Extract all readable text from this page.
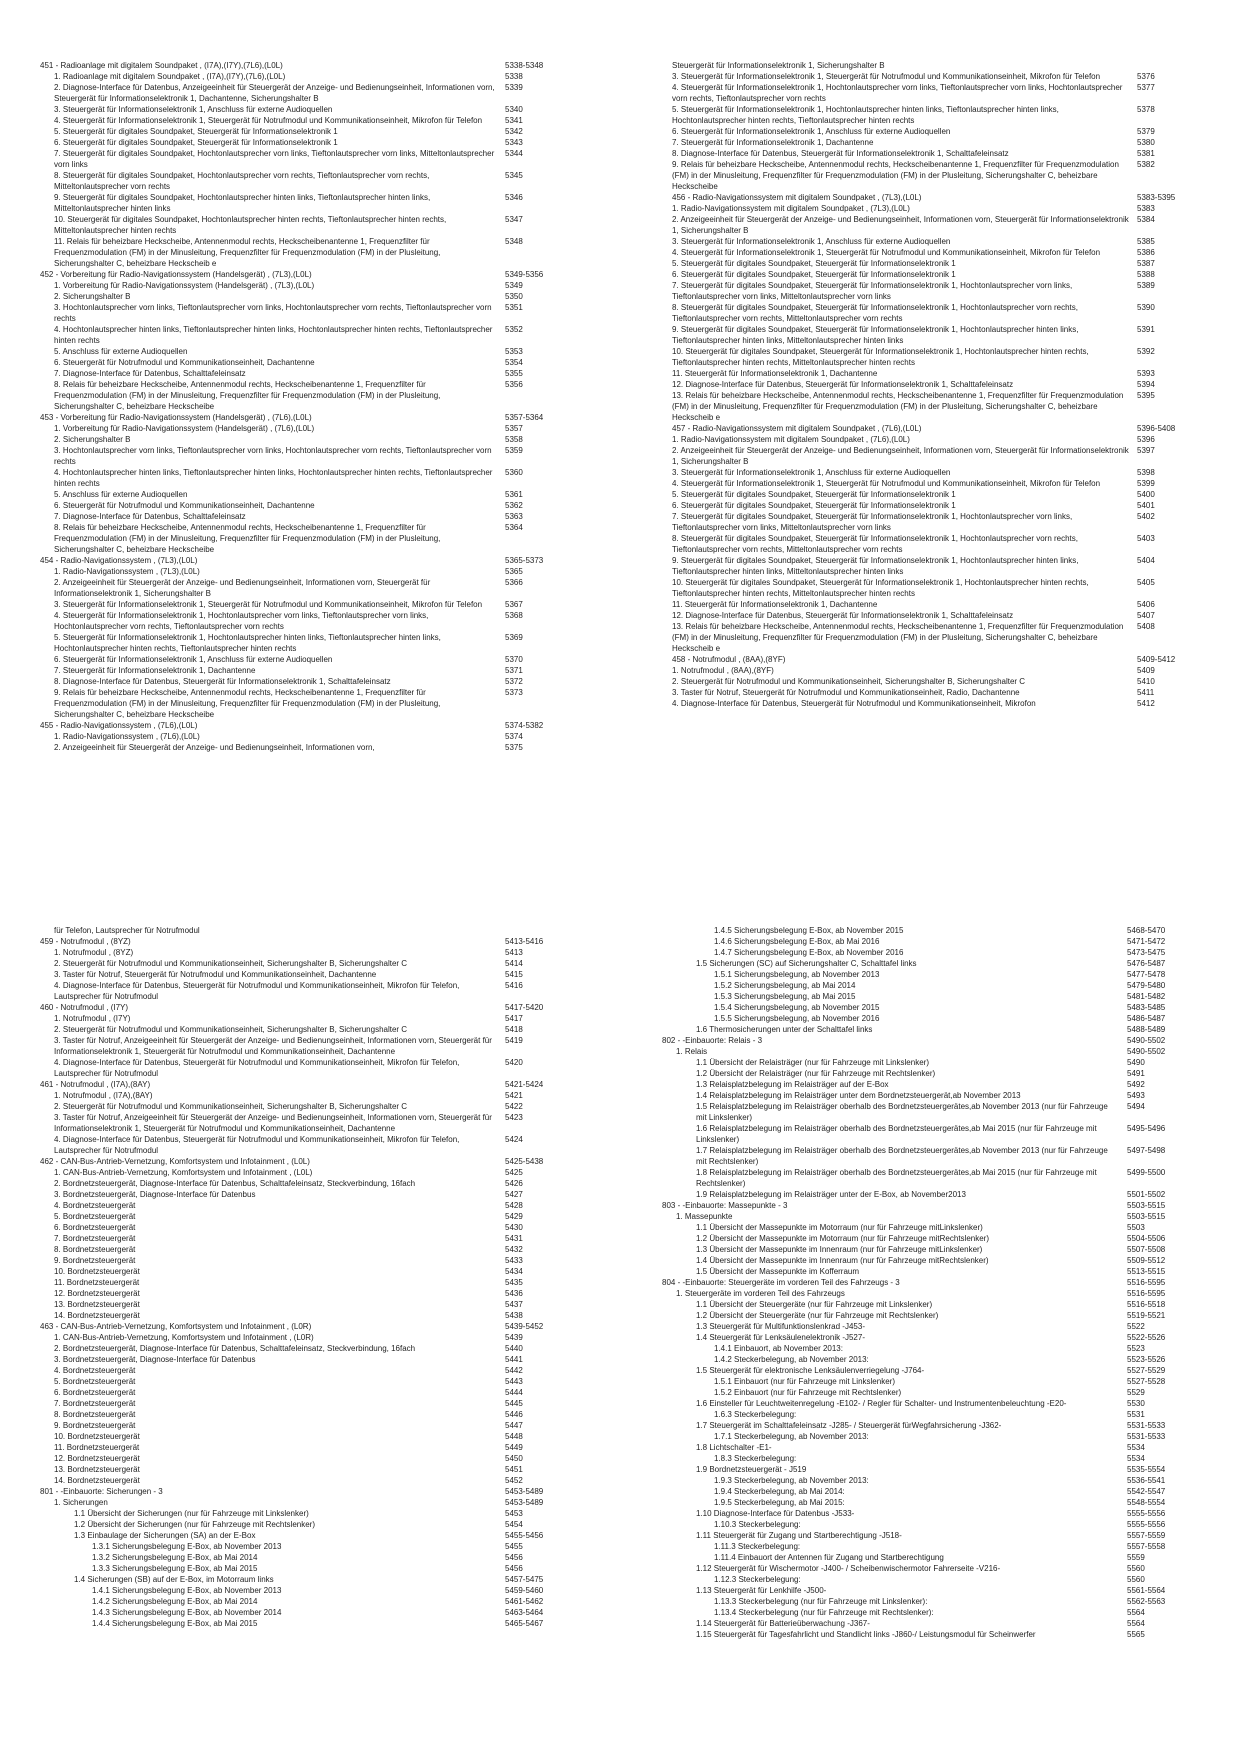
451 - Radioanlage mit digitalem Soundpaket , (I7A),(I7Y),(7L6),(L0L)	5338-5348
1. Radioanlage mit digitalem Soundpaket , (I7A),(I7Y),(7L6),(L0L)	5338
2. Diagnose-Interface für Datenbus, Anzeigeeinheit für Steuergerät der Anzeige- und Bedienungseinheit, Informationen vorn, Steuergerät für Informationselektronik 1, Dachantenne, Sicherungshalter B
5339
3. Steuergerät für Informationselektronik 1, Anschluss für externe Audioquellen	5340
4. Steuergerät für Informationselektronik 1, Steuergerät für Notrufmodul und Kommunikationseinheit, Mikrofon für Telefon	5341
5. Steuergerät für digitales Soundpaket, Steuergerät für Informationselektronik 1	5342
6. Steuergerät für digitales Soundpaket, Steuergerät für Informationselektronik 1	5343
7. Steuergerät für digitales Soundpaket, Hochtonlautsprecher vorn links, Tieftonlautsprecher vorn links, Mitteltonlautsprecher vorn links
5344
8. Steuergerät für digitales Soundpaket, Hochtonlautsprecher vorn rechts, Tieftonlautsprecher vorn rechts, Mitteltonlautsprecher vorn rechts
5345
9. Steuergerät für digitales Soundpaket, Hochtonlautsprecher hinten links, Tieftonlautsprecher hinten links, Mitteltonlautsprecher hinten links
5346
10. Steuergerät für digitales Soundpaket, Hochtonlautsprecher hinten rechts, Tieftonlautsprecher hinten rechts, Mitteltonlautsprecher hinten rechts
5347
11. Relais für beheizbare Heckscheibe, Antennenmodul rechts, Heckscheibenantenne 1, Frequenzfilter für Frequenzmodulation (FM) in der Minusleitung, Frequenzfilter für Frequenzmodulation (FM) in der Plusleitung, Sicherungshalter C, beheizbare Heckscheib e
5348
452 - Vorbereitung für Radio-Navigationssystem (Handelsgerät) , (7L3),(L0L)	5349-5356
1. Vorbereitung für Radio-Navigationssystem (Handelsgerät) , (7L3),(L0L)	5349
2. Sicherungshalter B	5350
3. Hochtonlautsprecher vorn links, Tieftonlautsprecher vorn links, Hochtonlautsprecher vorn rechts, Tieftonlautsprecher vorn rechts
5351
4. Hochtonlautsprecher hinten links, Tieftonlautsprecher hinten links, Hochtonlautsprecher hinten rechts, Tieftonlautsprecher hinten rechts
5352
5. Anschluss für externe Audioquellen	5353
6. Steuergerät für Notrufmodul und Kommunikationseinheit, Dachantenne	5354
7. Diagnose-Interface für Datenbus, Schalttafeleinsatz	5355
8. Relais für beheizbare Heckscheibe, Antennenmodul rechts, Heckscheibenantenne 1, Frequenzfilter für Frequenzmodulation (FM) in der Minusleitung, Frequenzfilter für Frequenzmodulation (FM) in der Plusleitung, Sicherungshalter C, beheizbare Heckscheibe
5356
453 - Vorbereitung für Radio-Navigationssystem (Handelsgerät) , (7L6),(L0L)	5357-5364
1. Vorbereitung für Radio-Navigationssystem (Handelsgerät) , (7L6),(L0L)	5357
2. Sicherungshalter B	5358
3. Hochtonlautsprecher vorn links, Tieftonlautsprecher vorn links, Hochtonlautsprecher vorn rechts, Tieftonlautsprecher vorn rechts
5359
4. Hochtonlautsprecher hinten links, Tieftonlautsprecher hinten links, Hochtonlautsprecher hinten rechts, Tieftonlautsprecher hinten rechts
5360
5. Anschluss für externe Audioquellen	5361
6. Steuergerät für Notrufmodul und Kommunikationseinheit, Dachantenne	5362
7. Diagnose-Interface für Datenbus, Schalttafeleinsatz	5363
8. Relais für beheizbare Heckscheibe, Antennenmodul rechts, Heckscheibenantenne 1, Frequenzfilter für Frequenzmodulation (FM) in der Minusleitung, Frequenzfilter für Frequenzmodulation (FM) in der Plusleitung, Sicherungshalter C, beheizbare Heckscheibe
5364
454 - Radio-Navigationssystem , (7L3),(L0L)	5365-5373
1. Radio-Navigationssystem , (7L3),(L0L)	5365
2. Anzeigeeinheit für Steuergerät der Anzeige- und Bedienungseinheit, Informationen vorn, Steuergerät für Informationselektronik 1, Sicherungshalter B
5366
3. Steuergerät für Informationselektronik 1, Steuergerät für Notrufmodul und Kommunikationseinheit, Mikrofon für Telefon	5367
4. Steuergerät für Informationselektronik 1, Hochtonlautsprecher vorn links, Tieftonlautsprecher vorn links, Hochtonlautsprecher vorn rechts, Tieftonlautsprecher vorn rechts
5368
5. Steuergerät für Informationselektronik 1, Hochtonlautsprecher hinten links, Tieftonlautsprecher hinten links, Hochtonlautsprecher hinten rechts, Tieftonlautsprecher hinten rechts
5369
6. Steuergerät für Informationselektronik 1, Anschluss für externe Audioquellen	5370
7. Steuergerät für Informationselektronik 1, Dachantenne	5371
8. Diagnose-Interface für Datenbus, Steuergerät für Informationselektronik 1, Schalttafeleinsatz	5372
9. Relais für beheizbare Heckscheibe, Antennenmodul rechts, Heckscheibenantenne 1, Frequenzfilter für Frequenzmodulation (FM) in der Minusleitung, Frequenzfilter für Frequenzmodulation (FM) in der Plusleitung, Sicherungshalter C, beheizbare Heckscheibe
5373
455 - Radio-Navigationssystem , (7L6),(L0L)	5374-5382
1. Radio-Navigationssystem , (7L6),(L0L)	5374
2. Anzeigeeinheit für Steuergerät der Anzeige- und Bedienungseinheit, Informationen vorn,	5375
Steuergerät für Informationselektronik 1, Sicherungshalter B
3. Steuergerät für Informationselektronik 1, Steuergerät für Notrufmodul und Kommunikationseinheit, Mikrofon für Telefon	5376
4. Steuergerät für Informationselektronik 1, Hochtonlautsprecher vorn links, Tieftonlautsprecher vorn links, Hochtonlautsprecher vorn rechts, Tieftonlautsprecher vorn rechts
5377
5. Steuergerät für Informationselektronik 1, Hochtonlautsprecher hinten links, Tieftonlautsprecher hinten links, Hochtonlautsprecher hinten rechts, Tieftonlautsprecher hinten rechts
5378
6. Steuergerät für Informationselektronik 1, Anschluss für externe Audioquellen	5379
7. Steuergerät für Informationselektronik 1, Dachantenne	5380
8. Diagnose-Interface für Datenbus, Steuergerät für Informationselektronik 1, Schalttafeleinsatz	5381
9. Relais für beheizbare Heckscheibe, Antennenmodul rechts, Heckscheibenantenne 1, Frequenzfilter für Frequenzmodulation (FM) in der Minusleitung, Frequenzfilter für Frequenzmodulation (FM) in der Plusleitung, Sicherungshalter C, beheizbare Heckscheibe
5382
456 - Radio-Navigationssystem mit digitalem Soundpaket , (7L3),(L0L)	5383-5395
1. Radio-Navigationssystem mit digitalem Soundpaket , (7L3),(L0L)	5383
2. Anzeigeeinheit für Steuergerät der Anzeige- und Bedienungseinheit, Informationen vorn, Steuergerät für Informationselektronik 1, Sicherungshalter B
5384
3. Steuergerät für Informationselektronik 1, Anschluss für externe Audioquellen	5385
4. Steuergerät für Informationselektronik 1, Steuergerät für Notrufmodul und Kommunikationseinheit, Mikrofon für Telefon	5386
5. Steuergerät für digitales Soundpaket, Steuergerät für Informationselektronik 1	5387
6. Steuergerät für digitales Soundpaket, Steuergerät für Informationselektronik 1	5388
7. Steuergerät für digitales Soundpaket, Steuergerät für Informationselektronik 1, Hochtonlautsprecher vorn links, Tieftonlautsprecher vorn links, Mitteltonlautsprecher vorn links
5389
8. Steuergerät für digitales Soundpaket, Steuergerät für Informationselektronik 1, Hochtonlautsprecher vorn rechts, Tieftonlautsprecher vorn rechts, Mitteltonlautsprecher vorn rechts
5390
9. Steuergerät für digitales Soundpaket, Steuergerät für Informationselektronik 1, Hochtonlautsprecher hinten links, Tieftonlautsprecher hinten links, Mitteltonlautsprecher hinten links
5391
10. Steuergerät für digitales Soundpaket, Steuergerät für Informationselektronik 1, Hochtonlautsprecher hinten rechts, Tieftonlautsprecher hinten rechts, Mitteltonlautsprecher hinten rechts
5392
11. Steuergerät für Informationselektronik 1, Dachantenne	5393
12. Diagnose-Interface für Datenbus, Steuergerät für Informationselektronik 1, Schalttafeleinsatz	5394
13. Relais für beheizbare Heckscheibe, Antennenmodul rechts, Heckscheibenantenne 1, Frequenzfilter für Frequenzmodulation (FM) in der Minusleitung, Frequenzfilter für Frequenzmodulation (FM) in der Plusleitung, Sicherungshalter C, beheizbare Heckscheib e
5395
457 - Radio-Navigationssystem mit digitalem Soundpaket , (7L6),(L0L)	5396-5408
1. Radio-Navigationssystem mit digitalem Soundpaket , (7L6),(L0L)	5396
2. Anzeigeeinheit für Steuergerät der Anzeige- und Bedienungseinheit, Informationen vorn, Steuergerät für Informationselektronik 1, Sicherungshalter B
5397
3. Steuergerät für Informationselektronik 1, Anschluss für externe Audioquellen	5398
4. Steuergerät für Informationselektronik 1, Steuergerät für Notrufmodul und Kommunikationseinheit, Mikrofon für Telefon	5399
5. Steuergerät für digitales Soundpaket, Steuergerät für Informationselektronik 1	5400
6. Steuergerät für digitales Soundpaket, Steuergerät für Informationselektronik 1	5401
7. Steuergerät für digitales Soundpaket, Steuergerät für Informationselektronik 1, Hochtonlautsprecher vorn links, Tieftonlautsprecher vorn links, Mitteltonlautsprecher vorn links
5402
8. Steuergerät für digitales Soundpaket, Steuergerät für Informationselektronik 1, Hochtonlautsprecher vorn rechts, Tieftonlautsprecher vorn rechts, Mitteltonlautsprecher vorn rechts
5403
9. Steuergerät für digitales Soundpaket, Steuergerät für Informationselektronik 1, Hochtonlautsprecher hinten links, Tieftonlautsprecher hinten links, Mitteltonlautsprecher hinten links
5404
10. Steuergerät für digitales Soundpaket, Steuergerät für Informationselektronik 1, Hochtonlautsprecher hinten rechts, Tieftonlautsprecher hinten rechts, Mitteltonlautsprecher hinten rechts
5405
11. Steuergerät für Informationselektronik 1, Dachantenne	5406
12. Diagnose-Interface für Datenbus, Steuergerät für Informationselektronik 1, Schalttafeleinsatz	5407
13. Relais für beheizbare Heckscheibe, Antennenmodul rechts, Heckscheibenantenne 1, Frequenzfilter für Frequenzmodulation (FM) in der Minusleitung, Frequenzfilter für Frequenzmodulation (FM) in der Plusleitung, Sicherungshalter C, beheizbare Heckscheib e
5408
458 - Notrufmodul , (8AA),(8YF)	5409-5412
1. Notrufmodul , (8AA),(8YF)	5409
2. Steuergerät für Notrufmodul und Kommunikationseinheit, Sicherungshalter B, Sicherungshalter C	5410
3. Taster für Notruf, Steuergerät für Notrufmodul und Kommunikationseinheit, Radio, Dachantenne	5411
4. Diagnose-Interface für Datenbus, Steuergerät für Notrufmodul und Kommunikationseinheit, Mikrofon	5412
für Telefon, Lautsprecher für Notrufmodul
459 - Notrufmodul , (8YZ)	5413-5416
1. Notrufmodul , (8YZ)	5413
2. Steuergerät für Notrufmodul und Kommunikationseinheit, Sicherungshalter B, Sicherungshalter C	5414
3. Taster für Notruf, Steuergerät für Notrufmodul und Kommunikationseinheit, Dachantenne	5415
4. Diagnose-Interface für Datenbus, Steuergerät für Notrufmodul und Kommunikationseinheit, Mikrofon für Telefon, Lautsprecher für Notrufmodul
5416
460 - Notrufmodul , (I7Y)	5417-5420
1. Notrufmodul , (I7Y)	5417
2. Steuergerät für Notrufmodul und Kommunikationseinheit, Sicherungshalter B, Sicherungshalter C	5418
3. Taster für Notruf, Anzeigeeinheit für Steuergerät der Anzeige- und Bedienungseinheit, Informationen vorn, Steuergerät für Informationselektronik 1, Steuergerät für Notrufmodul und Kommunikationseinheit, Dachantenne
5419
4. Diagnose-Interface für Datenbus, Steuergerät für Notrufmodul und Kommunikationseinheit, Mikrofon für Telefon, Lautsprecher für Notrufmodul
5420
461 - Notrufmodul , (I7A),(8AY)	5421-5424
1. Notrufmodul , (I7A),(8AY)	5421
2. Steuergerät für Notrufmodul und Kommunikationseinheit, Sicherungshalter B, Sicherungshalter C	5422
3. Taster für Notruf, Anzeigeeinheit für Steuergerät der Anzeige- und Bedienungseinheit, Informationen vorn, Steuergerät für Informationselektronik 1, Steuergerät für Notrufmodul und Kommunikationseinheit, Dachantenne
5423
4. Diagnose-Interface für Datenbus, Steuergerät für Notrufmodul und Kommunikationseinheit, Mikrofon für Telefon, Lautsprecher für Notrufmodul
5424
462 - CAN-Bus-Antrieb-Vernetzung, Komfortsystem und Infotainment , (L0L)	5425-5438
1. CAN-Bus-Antrieb-Vernetzung, Komfortsystem und Infotainment , (L0L)	5425
2. Bordnetzsteuergerät, Diagnose-Interface für Datenbus, Schalttafeleinsatz, Steckverbindung, 16fach	5426
3. Bordnetzsteuergerät, Diagnose-Interface für Datenbus	5427
4. Bordnetzsteuergerät	5428
5. Bordnetzsteuergerät	5429
6. Bordnetzsteuergerät	5430
7. Bordnetzsteuergerät	5431
8. Bordnetzsteuergerät	5432
9. Bordnetzsteuergerät	5433
10. Bordnetzsteuergerät	5434
11. Bordnetzsteuergerät	5435
12. Bordnetzsteuergerät	5436
13. Bordnetzsteuergerät	5437
14. Bordnetzsteuergerät	5438
463 - CAN-Bus-Antrieb-Vernetzung, Komfortsystem und Infotainment , (L0R)	5439-5452
1. CAN-Bus-Antrieb-Vernetzung, Komfortsystem und Infotainment , (L0R)	5439
2. Bordnetzsteuergerät, Diagnose-Interface für Datenbus, Schalttafeleinsatz, Steckverbindung, 16fach	5440
3. Bordnetzsteuergerät, Diagnose-Interface für Datenbus	5441
4. Bordnetzsteuergerät	5442
5. Bordnetzsteuergerät	5443
6. Bordnetzsteuergerät	5444
7. Bordnetzsteuergerät	5445
8. Bordnetzsteuergerät	5446
9. Bordnetzsteuergerät	5447
10. Bordnetzsteuergerät	5448
11. Bordnetzsteuergerät	5449
12. Bordnetzsteuergerät	5450
13. Bordnetzsteuergerät	5451
14. Bordnetzsteuergerät	5452
801 - -Einbauorte: Sicherungen - 3	5453-5489
1. Sicherungen	5453-5489
1.1 Übersicht der Sicherungen (nur für Fahrzeuge mit Linkslenker)	5453
1.2 Übersicht der Sicherungen (nur für Fahrzeuge mit Rechtslenker)	5454
1.3 Einbaulage der Sicherungen (SA) an der E-Box	5455-5456
1.3.1 Sicherungsbelegung E-Box, ab November 2013	5455
1.3.2 Sicherungsbelegung E-Box, ab Mai 2014	5456
1.3.3 Sicherungsbelegung E-Box, ab Mai 2015	5456
1.4 Sicherungen (SB) auf der E-Box, im Motorraum links	5457-5475
1.4.1 Sicherungsbelegung E-Box, ab November 2013	5459-5460
1.4.2 Sicherungsbelegung E-Box, ab Mai 2014	5461-5462
1.4.3 Sicherungsbelegung E-Box, ab November 2014	5463-5464
1.4.4 Sicherungsbelegung E-Box, ab Mai 2015	5465-5467
1.4.5 Sicherungsbelegung E-Box, ab November 2015	5468-5470
1.4.6 Sicherungsbelegung E-Box, ab Mai 2016	5471-5472
1.4.7 Sicherungsbelegung E-Box, ab November 2016	5473-5475
1.5 Sicherungen (SC) auf Sicherungshalter C, Schalttafel links	5476-5487
1.5.1 Sicherungsbelegung, ab November 2013	5477-5478
1.5.2 Sicherungsbelegung, ab Mai 2014	5479-5480
1.5.3 Sicherungsbelegung, ab Mai 2015	5481-5482
1.5.4 Sicherungsbelegung, ab November 2015	5483-5485
1.5.5 Sicherungsbelegung, ab November 2016	5486-5487
1.6 Thermosicherungen unter der Schalttafel links	5488-5489
802 - -Einbauorte: Relais - 3	5490-5502
1. Relais	5490-5502
1.1 Übersicht der Relaisträger (nur für Fahrzeuge mit Linkslenker)	5490
1.2 Übersicht der Relaisträger (nur für Fahrzeuge mit Rechtslenker)	5491
1.3 Relaisplatzbelegung im Relaisträger auf der E-Box	5492
1.4 Relaisplatzbelegung im Relaisträger unter dem Bordnetzsteuergerät,ab November 2013	5493
1.5 Relaisplatzbelegung im Relaisträger oberhalb des Bordnetzsteuergerätes,ab November 2013 (nur für Fahrzeuge mit Linkslenker)
5494
1.6 Relaisplatzbelegung im Relaisträger oberhalb des Bordnetzsteuergerätes,ab Mai 2015 (nur für Fahrzeuge mit Linkslenker)
5495-5496
1.7 Relaisplatzbelegung im Relaisträger oberhalb des Bordnetzsteuergerätes,ab November 2013 (nur für Fahrzeuge mit Rechtslenker)
5497-5498
1.8 Relaisplatzbelegung im Relaisträger oberhalb des Bordnetzsteuergerätes,ab Mai 2015 (nur für Fahrzeuge mit Rechtslenker)
5499-5500
1.9 Relaisplatzbelegung im Relaisträger unter der E-Box, ab November2013	5501-5502
803 - -Einbauorte: Massepunkte - 3	5503-5515
1. Massepunkte	5503-5515
1.1 Übersicht der Massepunkte im Motorraum (nur für Fahrzeuge mitLinkslenker)	5503
1.2 Übersicht der Massepunkte im Motorraum (nur für Fahrzeuge mitRechtslenker)	5504-5506
1.3 Übersicht der Massepunkte im Innenraum (nur für Fahrzeuge mitLinkslenker)	5507-5508
1.4 Übersicht der Massepunkte im Innenraum (nur für Fahrzeuge mitRechtslenker)	5509-5512
1.5 Übersicht der Massepunkte im Kofferraum	5513-5515
804 - -Einbauorte: Steuergeräte im vorderen Teil des Fahrzeugs - 3	5516-5595
1. Steuergeräte im vorderen Teil des Fahrzeugs	5516-5595
1.1 Übersicht der Steuergeräte (nur für Fahrzeuge mit Linkslenker)	5516-5518
1.2 Übersicht der Steuergeräte (nur für Fahrzeuge mit Rechtslenker)	5519-5521
1.3 Steuergerät für Multifunktionslenkrad -J453-	5522
1.4 Steuergerät für Lenksäulenelektronik -J527-	5522-5526
1.4.1 Einbauort, ab November 2013:	5523
1.4.2 Steckerbelegung, ab November 2013:	5523-5526
1.5 Steuergerät für elektronische Lenksäulenverriegelung -J764-	5527-5529
1.5.1 Einbauort (nur für Fahrzeuge mit Linkslenker)	5527-5528
1.5.2 Einbauort (nur für Fahrzeuge mit Rechtslenker)	5529
1.6 Einsteller für Leuchtweitenregelung -E102- / Regler für Schalter- und Instrumentenbeleuchtung -E20-	5530
1.6.3 Steckerbelegung:	5531
1.7 Steuergerät im Schalttafeleinsatz -J285- / Steuergerät fürWegfahrsicherung -J362-	5531-5533
1.7.1 Steckerbelegung, ab November 2013:	5531-5533
1.8 Lichtschalter -E1-	5534
1.8.3 Steckerbelegung:	5534
1.9 Bordnetzsteuergerät - J519	5535-5554
1.9.3 Steckerbelegung, ab November 2013:	5536-5541
1.9.4 Steckerbelegung, ab Mai 2014:	5542-5547
1.9.5 Steckerbelegung, ab Mai 2015:	5548-5554
1.10 Diagnose-Interface für Datenbus -J533-	5555-5556
1.10.3 Steckerbelegung:	5555-5556
1.11 Steuergerät für Zugang und Startberechtigung -J518-	5557-5559
1.11.3 Steckerbelegung:	5557-5558
1.11.4 Einbauort der Antennen für Zugang und Startberechtigung	5559
1.12 Steuergerät für Wischermotor -J400- / Scheibenwischermotor Fahrerseite -V216-	5560
1.12.3 Steckerbelegung:	5560
1.13 Steuergerät für Lenkhilfe -J500-	5561-5564
1.13.3 Steckerbelegung (nur für Fahrzeuge mit Linkslenker):	5562-5563
1.13.4 Steckerbelegung (nur für Fahrzeuge mit Rechtslenker):	5564
1.14 Steuergerät für Batterieüberwachung -J367-	5564
1.15 Steuergerät für Tagesfahrlicht und Standlicht links -J860-/ Leistungsmodul für Scheinwerfer	5565
